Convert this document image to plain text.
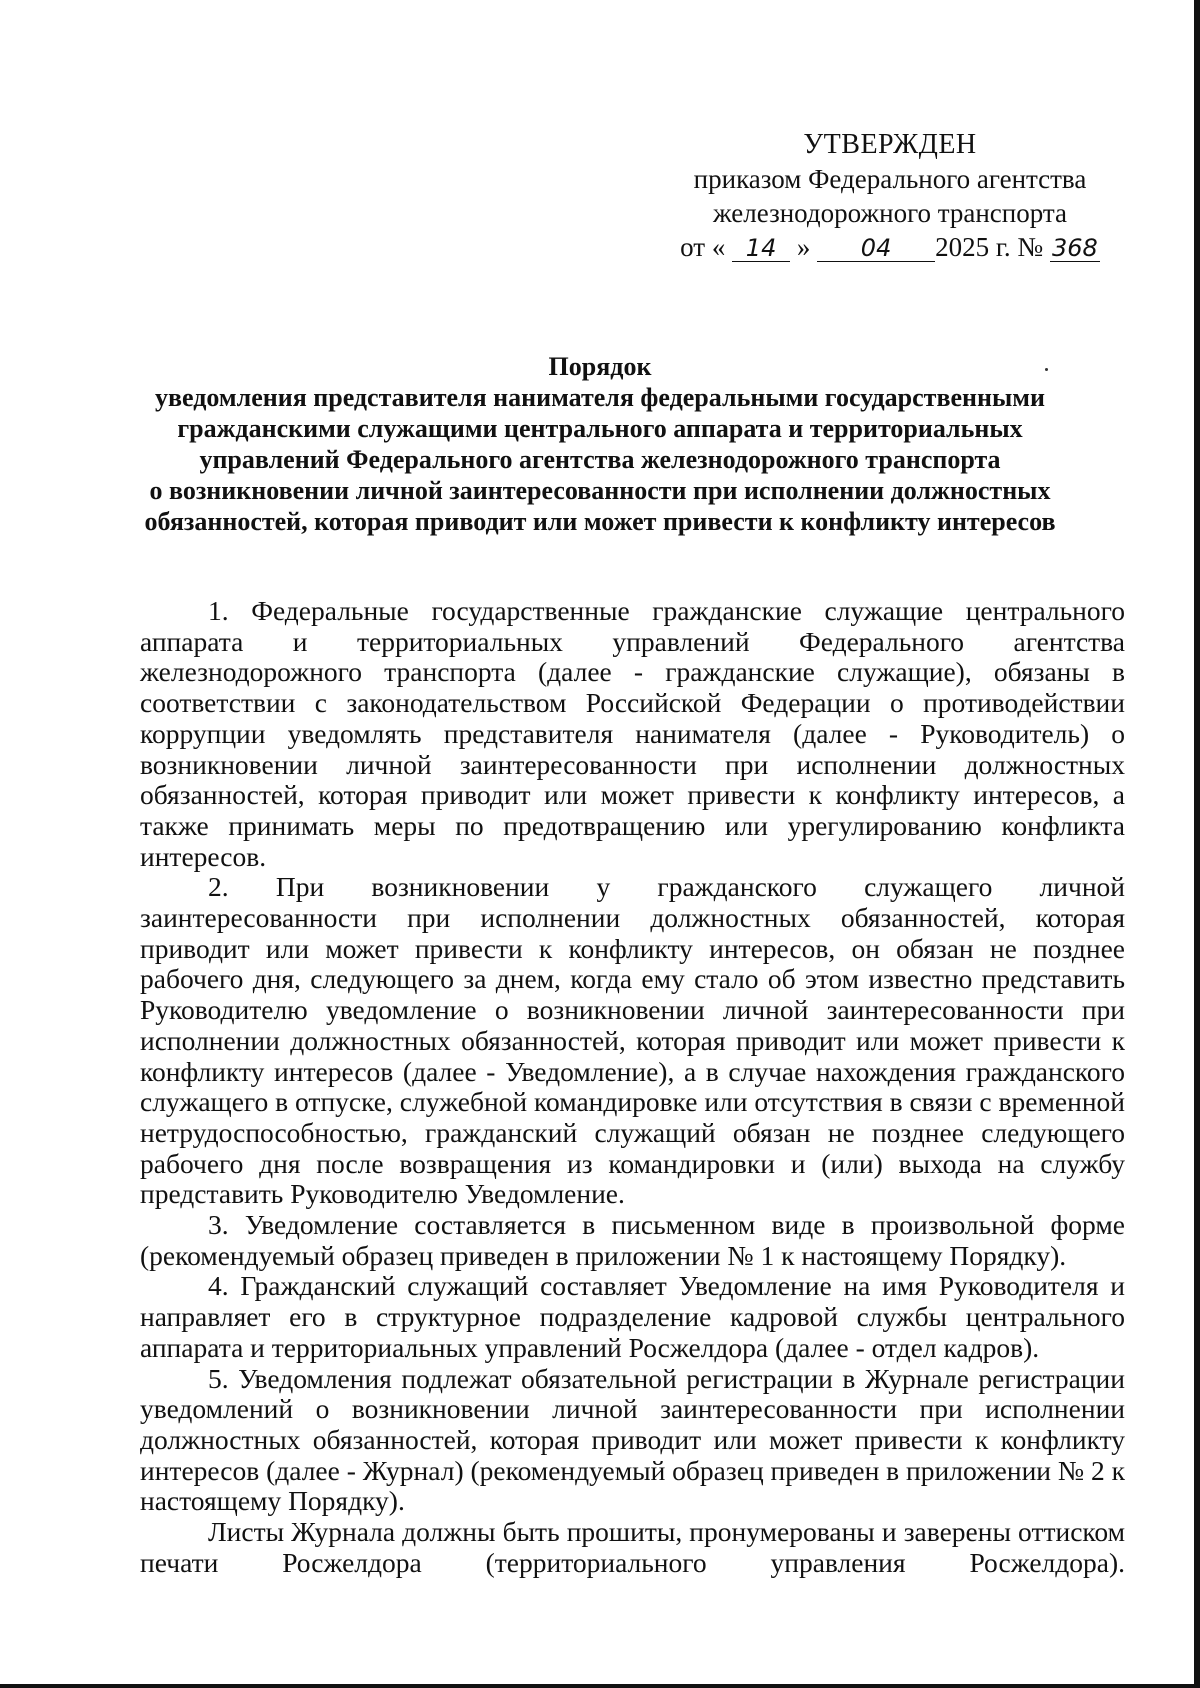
УТВЕРЖДЕН
приказом Федерального агентства
железнодорожного транспорта
от « 14 » 04 2025 г. № 368
Порядок
уведомления представителя нанимателя федеральными государственными
гражданскими служащими центрального аппарата и территориальных
управлений Федерального агентства железнодорожного транспорта
о возникновении личной заинтересованности при исполнении должностных
обязанностей, которая приводит или может привести к конфликту интересов

1. Федеральные государственные гражданские служащие центрального аппарата и территориальных управлений Федерального агентства железнодорожного транспорта (далее - гражданские служащие), обязаны в соответствии с законодательством Российской Федерации о противодействии коррупции уведомлять представителя нанимателя (далее - Руководитель) о возникновении личной заинтересованности при исполнении должностных обязанностей, которая приводит или может привести к конфликту интересов, а также принимать меры по предотвращению или урегулированию конфликта интересов.

2. При возникновении у гражданского служащего личной заинтересованности при исполнении должностных обязанностей, которая приводит или может привести к конфликту интересов, он обязан не позднее рабочего дня, следующего за днем, когда ему стало об этом известно представить Руководителю уведомление о возникновении личной заинтересованности при исполнении должностных обязанностей, которая приводит или может привести к конфликту интересов (далее - Уведомление), а в случае нахождения гражданского служащего в отпуске, служебной командировке или отсутствия в связи с временной нетрудоспособностью, гражданский служащий обязан не позднее следующего рабочего дня после возвращения из командировки и (или) выхода на службу представить Руководителю Уведомление.

3. Уведомление составляется в письменном виде в произвольной форме (рекомендуемый образец приведен в приложении № 1 к настоящему Порядку).

4. Гражданский служащий составляет Уведомление на имя Руководителя и направляет его в структурное подразделение кадровой службы центрального аппарата и территориальных управлений Росжелдора (далее - отдел кадров).

5. Уведомления подлежат обязательной регистрации в Журнале регистрации уведомлений о возникновении личной заинтересованности при исполнении должностных обязанностей, которая приводит или может привести к конфликту интересов (далее - Журнал) (рекомендуемый образец приведен в приложении № 2 к настоящему Порядку).

Листы Журнала должны быть прошиты, пронумерованы и заверены оттиском печати Росжелдора (территориального управления Росжелдора).
